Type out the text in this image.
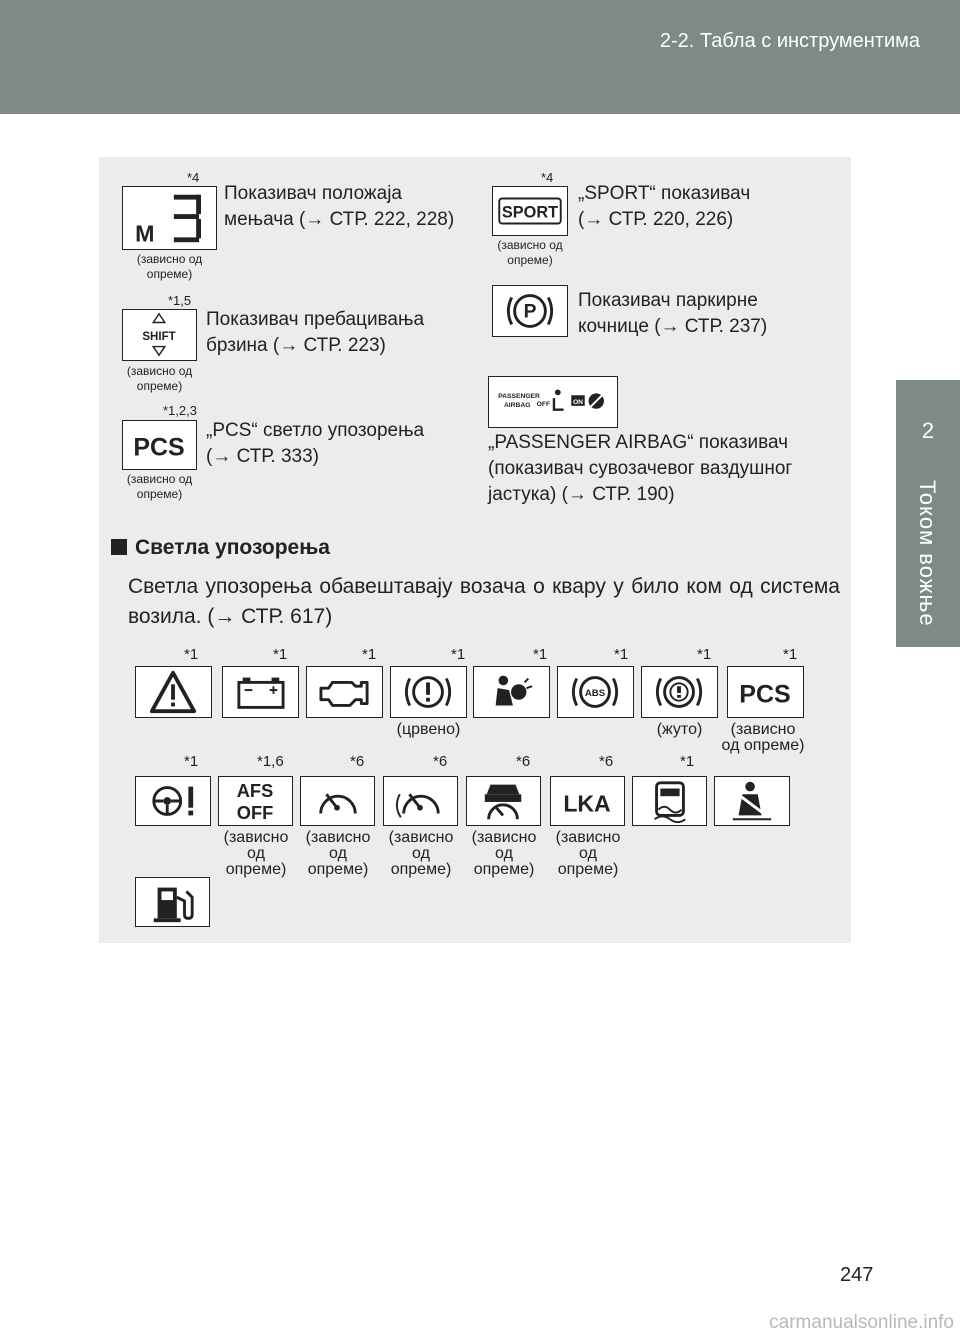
2-2. Табла с инструментима
2
Током вожње
*4
M
(зависно од
опреме)
Показивач положаја
мењача (→ СТР. 222, 228)
*4
SPORT
(зависно од
опреме)
„SPORT“ показивач
(→ СТР. 220, 226)
*1,5
SHIFT
(зависно од
опреме)
Показивач пребацивања
брзина (→ СТР. 223)
P
Показивач паркирне
кочнице (→ СТР. 237)
*1,2,3
PCS
(зависно од
опреме)
„PCS“ светло упозорења
(→ СТР. 333)
PASSENGER
AIRBAG OFF	ON
„PASSENGER AIRBAG“ показивач
(показивач сувозачевог ваздушног
јастука) (→ СТР. 190)
Светла упозорења
Светла упозорења обавештавају возача о квару у било ком од система возила. (→ СТР. 617)
*1	*1	*1	*1	*1	*1	*1	*1
ABS	PCS
(црвено)	(жуто)	(зависно
од опреме)
*1	*1,6	*6	*6	*6	*6	*1
AFS
OFF	LKA
(зависно
од
опреме)
(зависно
од
опреме)
(зависно
од
опреме)
(зависно
од
опреме)
(зависно
од
опреме)
247
carmanualsonline.info
